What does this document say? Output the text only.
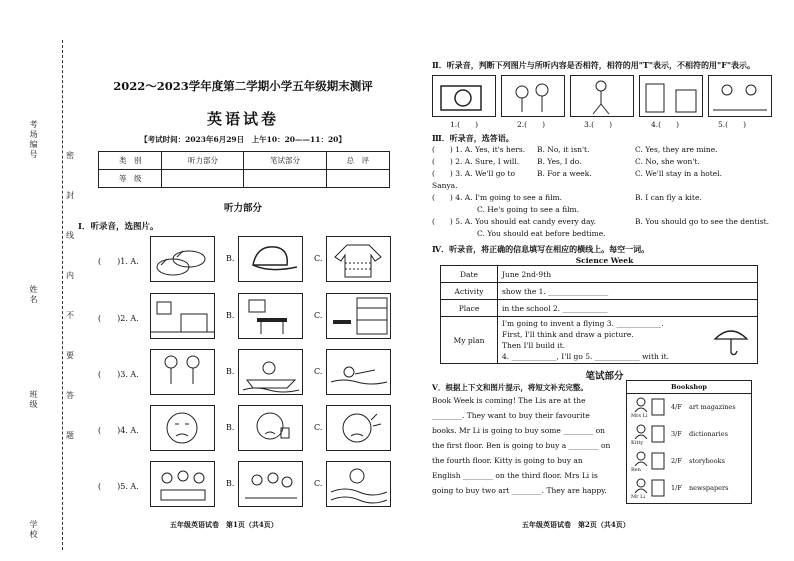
考场编号
姓名
班级
学校
密
封
线
内
不
要
答
题
2022～2023学年度第二学期小学五年级期末测评
英语试卷
【考试时间：2023年6月29日　上午10：20——11：20】
类　别	听力部分	笔试部分	总　评
等　级			
听力部分
Ⅰ．听录音，选图片。
(　　)1. A.	B.	C.
(　　)2. A.	B.	C.
(　　)3. A.	B.	C.
(　　)4. A.	B.	C.
(　　)5. A.	B.	C.
五年级英语试卷　第1页（共4页）
Ⅱ．听录音，判断下列图片与所听内容是否相符，相符的用"T"表示，不相符的用"F"表示。
1.(　　)	2.(　　)	3.(　　)	4.(　　)	5.(　　)
Ⅲ．听录音，选答语。
(　　) 1. A. Yes, it's hers.	B. No, it isn't.	C. Yes, they are mine.
(　　) 2. A. Sure, I will.	B. Yes, I do.	C. No, she won't.
(　　) 3. A. We'll go to Sanya.
B. For a week.	C. We'll stay in a hotel.
(　　) 4. A. I'm going to see a film.	B. I can fly a kite.
　　　　　　C. He's going to see a film.
(　　) 5. A. You should eat candy every day.	B. You should go to see the dentist.
　　　　　　C. You should eat before bedtime.
Ⅳ．听录音，将正确的信息填写在相应的横线上。每空一词。
Science Week
Date	June 2nd-9th
Activity	show the 1. ________________
Place	in the school 2. ____________
My plan	I'm going to invent a flying 3. ____________.
First, I'll think and draw a picture.
Then I'll build it.
4. ____________, I'll go 5. ____________ with it.
笔试部分
Ⅴ．根据上下文和图片提示，将短文补充完整。
Book Week is coming! The Lis are at the ________. They want to buy their favourite books. Mr Li is going to buy some ________ on the first floor. Ben is going to buy a ________ on the fourth floor. Kitty is going to buy an English ________ on the third floor. Mrs Li is going to buy two art ________. They are happy.
Bookshop
Mrs Li
4/F art magazines
Kitty
3/F dictionaries
Ben
2/F storybooks
Mr Li
1/F newspapers
五年级英语试卷　第2页（共4页）
